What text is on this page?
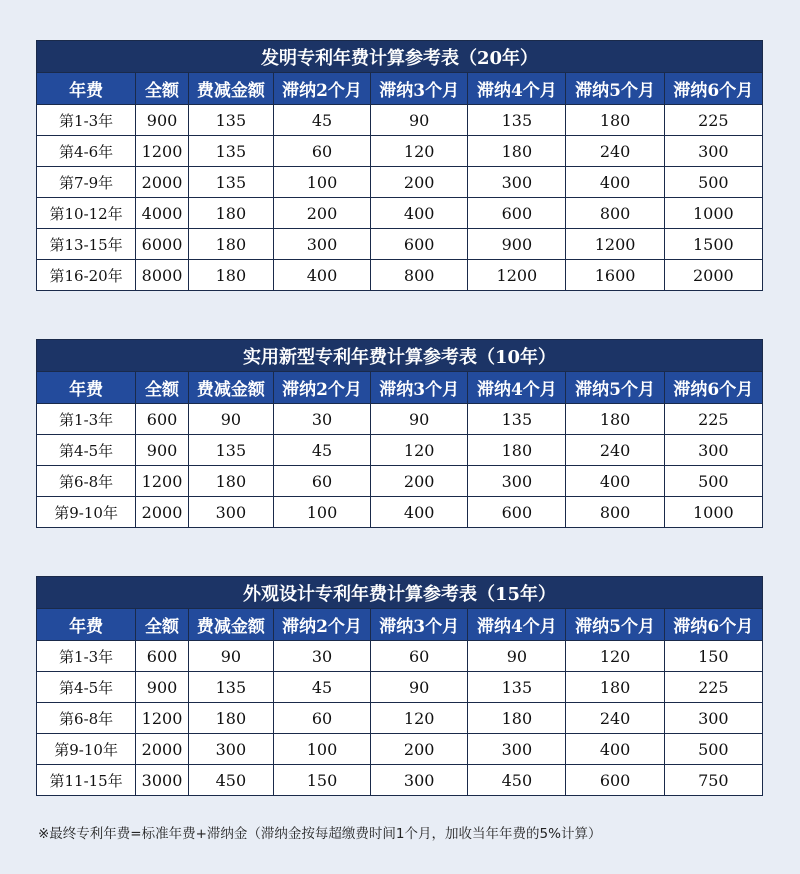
发明专利年费计算参考表（20年）							
年费	全额	费减金额	滞纳2个月	滞纳3个月	滞纳4个月	滞纳5个月	滞纳6个月
第1-3年	900	135	45	90	135	180	225
第4-6年	1200	135	60	120	180	240	300
第7-9年	2000	135	100	200	300	400	500
第10-12年	4000	180	200	400	600	800	1000
第13-15年	6000	180	300	600	900	1200	1500
第16-20年	8000	180	400	800	1200	1600	2000
实用新型专利年费计算参考表（10年）							
年费	全额	费减金额	滞纳2个月	滞纳3个月	滞纳4个月	滞纳5个月	滞纳6个月
第1-3年	600	90	30	90	135	180	225
第4-5年	900	135	45	120	180	240	300
第6-8年	1200	180	60	200	300	400	500
第9-10年	2000	300	100	400	600	800	1000
外观设计专利年费计算参考表（15年）							
年费	全额	费减金额	滞纳2个月	滞纳3个月	滞纳4个月	滞纳5个月	滞纳6个月
第1-3年	600	90	30	60	90	120	150
第4-5年	900	135	45	90	135	180	225
第6-8年	1200	180	60	120	180	240	300
第9-10年	2000	300	100	200	300	400	500
第11-15年	3000	450	150	300	450	600	750
※最终专利年费=标准年费+滞纳金（滞纳金按每超缴费时间1个月，加收当年年费的5%计算）
